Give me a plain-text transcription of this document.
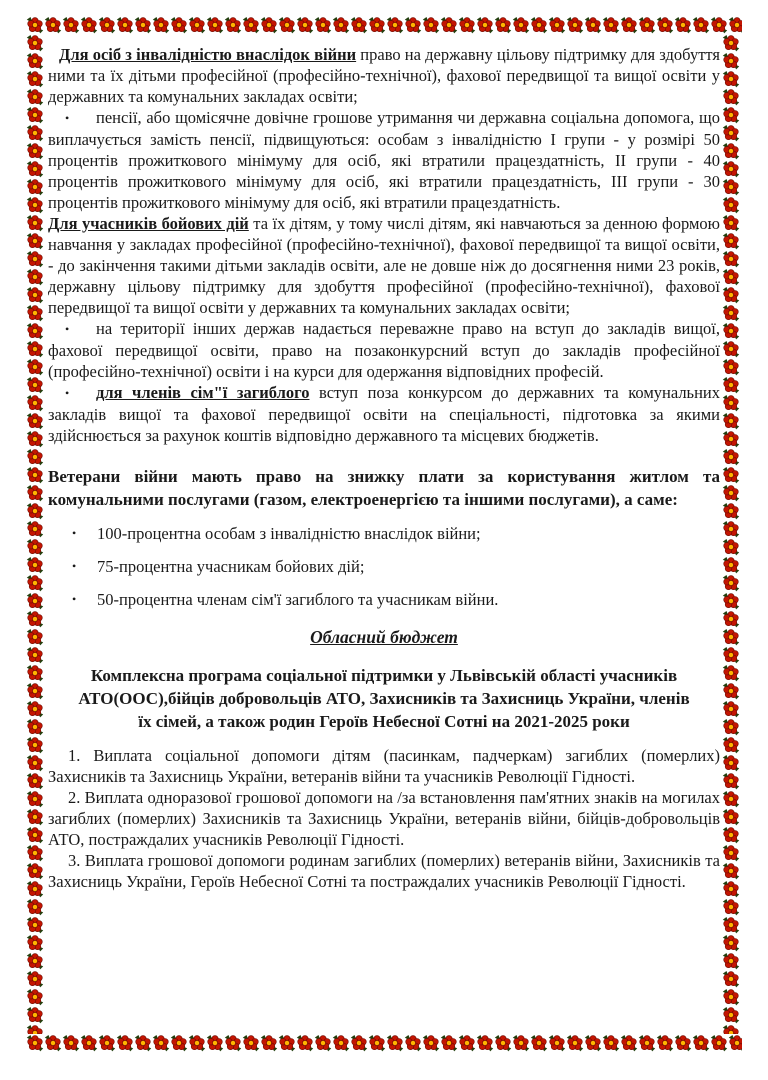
Для осіб з інвалідністю внаслідок війни право на державну цільову підтримку для здобуття ними та їх дітьми професійної (професійно-технічної), фахової передвищої та вищої освіти у державних та комунальних закладах освіти;

• пенсії, або щомісячне довічне грошове утримання чи державна соціальна допомога, що виплачується замість пенсії, підвищуються: особам з інвалідністю І групи - у розмірі 50 процентів прожиткового мінімуму для осіб, які втратили працездатність, ІІ групи - 40 процентів прожиткового мінімуму для осіб, які втратили працездатність, ІІІ групи - 30 процентів прожиткового мінімуму для осіб, які втратили працездатність.

Для учасників бойових дій та їх дітям, у тому числі дітям, які навчаються за денною формою навчання у закладах професійної (професійно-технічної), фахової передвищої та вищої освіти, - до закінчення такими дітьми закладів освіти, але не довше ніж до досягнення ними 23 років, державну цільову підтримку для здобуття професійної (професійно-технічної), фахової передвищої та вищої освіти у державних та комунальних закладах освіти;

• на території інших держав надається переважне право на вступ до закладів вищої, фахової передвищої освіти, право на позаконкурсний вступ до закладів професійної (професійно-технічної) освіти і на курси для одержання відповідних професій.

• для членів сім"ї загиблого вступ поза конкурсом до державних та комунальних закладів вищої та фахової передвищої освіти на спеціальності, підготовка за якими здійснюється за рахунок коштів відповідно державного та місцевих бюджетів.

Ветерани війни мають право на знижку плати за користування житлом та комунальними послугами (газом, електроенергією та іншими послугами), а саме:

• 100-процентна особам з інвалідністю внаслідок війни;
• 75-процентна учасникам бойових дій;
• 50-процентна членам сім'ї загиблого та учасникам війни.

Обласний бюджет

Комплексна програма соціальної підтримки у Львівській області учасників АТО(ООС),бійців добровольців АТО, Захисників та Захисниць України, членів їх сімей, а також родин Героїв Небесної Сотні на 2021-2025 роки

1. Виплата соціальної допомоги дітям (пасинкам, падчеркам) загиблих (померлих) Захисників та Захисниць України, ветеранів війни та учасників Революції Гідності.

2. Виплата одноразової грошової допомоги на /за встановлення пам'ятних знаків на могилах загиблих (померлих) Захисників та Захисниць України, ветеранів війни, бійців-добровольців АТО, постраждалих учасників Революції Гідності.

3. Виплата грошової допомоги родинам загиблих (померлих) ветеранів війни, Захисників та Захисниць України, Героїв Небесної Сотні та постраждалих учасників Революції Гідності.
